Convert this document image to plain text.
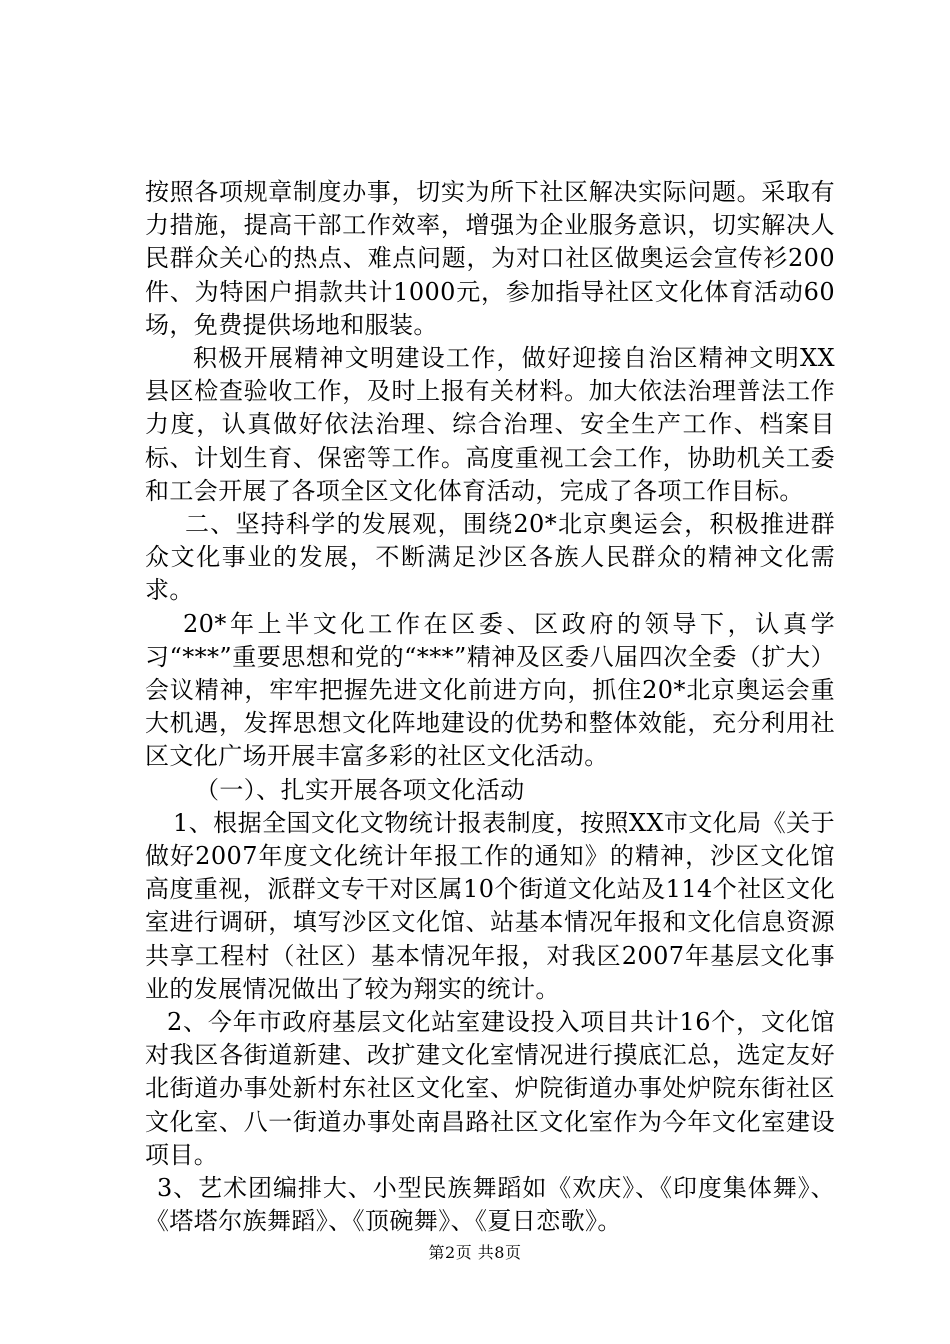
按照各项规章制度办事，切实为所下社区解决实际问题。采取有力措施，提高干部工作效率，增强为企业服务意识，切实解决人民群众关心的热点、难点问题，为对口社区做奥运会宣传衫200件、为特困户捐款共计1000元，参加指导社区文化体育活动60场，免费提供场地和服装。

积极开展精神文明建设工作，做好迎接自治区精神文明XX县区检查验收工作，及时上报有关材料。加大依法治理普法工作力度，认真做好依法治理、综合治理、安全生产工作、档案目标、计划生育、保密等工作。高度重视工会工作，协助机关工委和工会开展了各项全区文化体育活动，完成了各项工作目标。

二、坚持科学的发展观，围绕20*北京奥运会，积极推进群众文化事业的发展，不断满足沙区各族人民群众的精神文化需求。

20*年上半文化工作在区委、区政府的领导下，认真学习“***”重要思想和党的“***”精神及区委八届四次全委（扩大）会议精神，牢牢把握先进文化前进方向，抓住20*北京奥运会重大机遇，发挥思想文化阵地建设的优势和整体效能，充分利用社区文化广场开展丰富多彩的社区文化活动。

（一）、扎实开展各项文化活动

1、根据全国文化文物统计报表制度，按照XX市文化局《关于做好2007年度文化统计年报工作的通知》的精神，沙区文化馆高度重视，派群文专干对区属10个街道文化站及114个社区文化室进行调研，填写沙区文化馆、站基本情况年报和文化信息资源共享工程村（社区）基本情况年报，对我区2007年基层文化事业的发展情况做出了较为翔实的统计。

2、今年市政府基层文化站室建设投入项目共计16个，文化馆对我区各街道新建、改扩建文化室情况进行摸底汇总，选定友好北街道办事处新村东社区文化室、炉院街道办事处炉院东街社区文化室、八一街道办事处南昌路社区文化室作为今年文化室建设项目。

3、艺术团编排大、小型民族舞蹈如《欢庆》、《印度集体舞》、《塔塔尔族舞蹈》、《顶碗舞》、《夏日恋歌》。

第2页 共8页
